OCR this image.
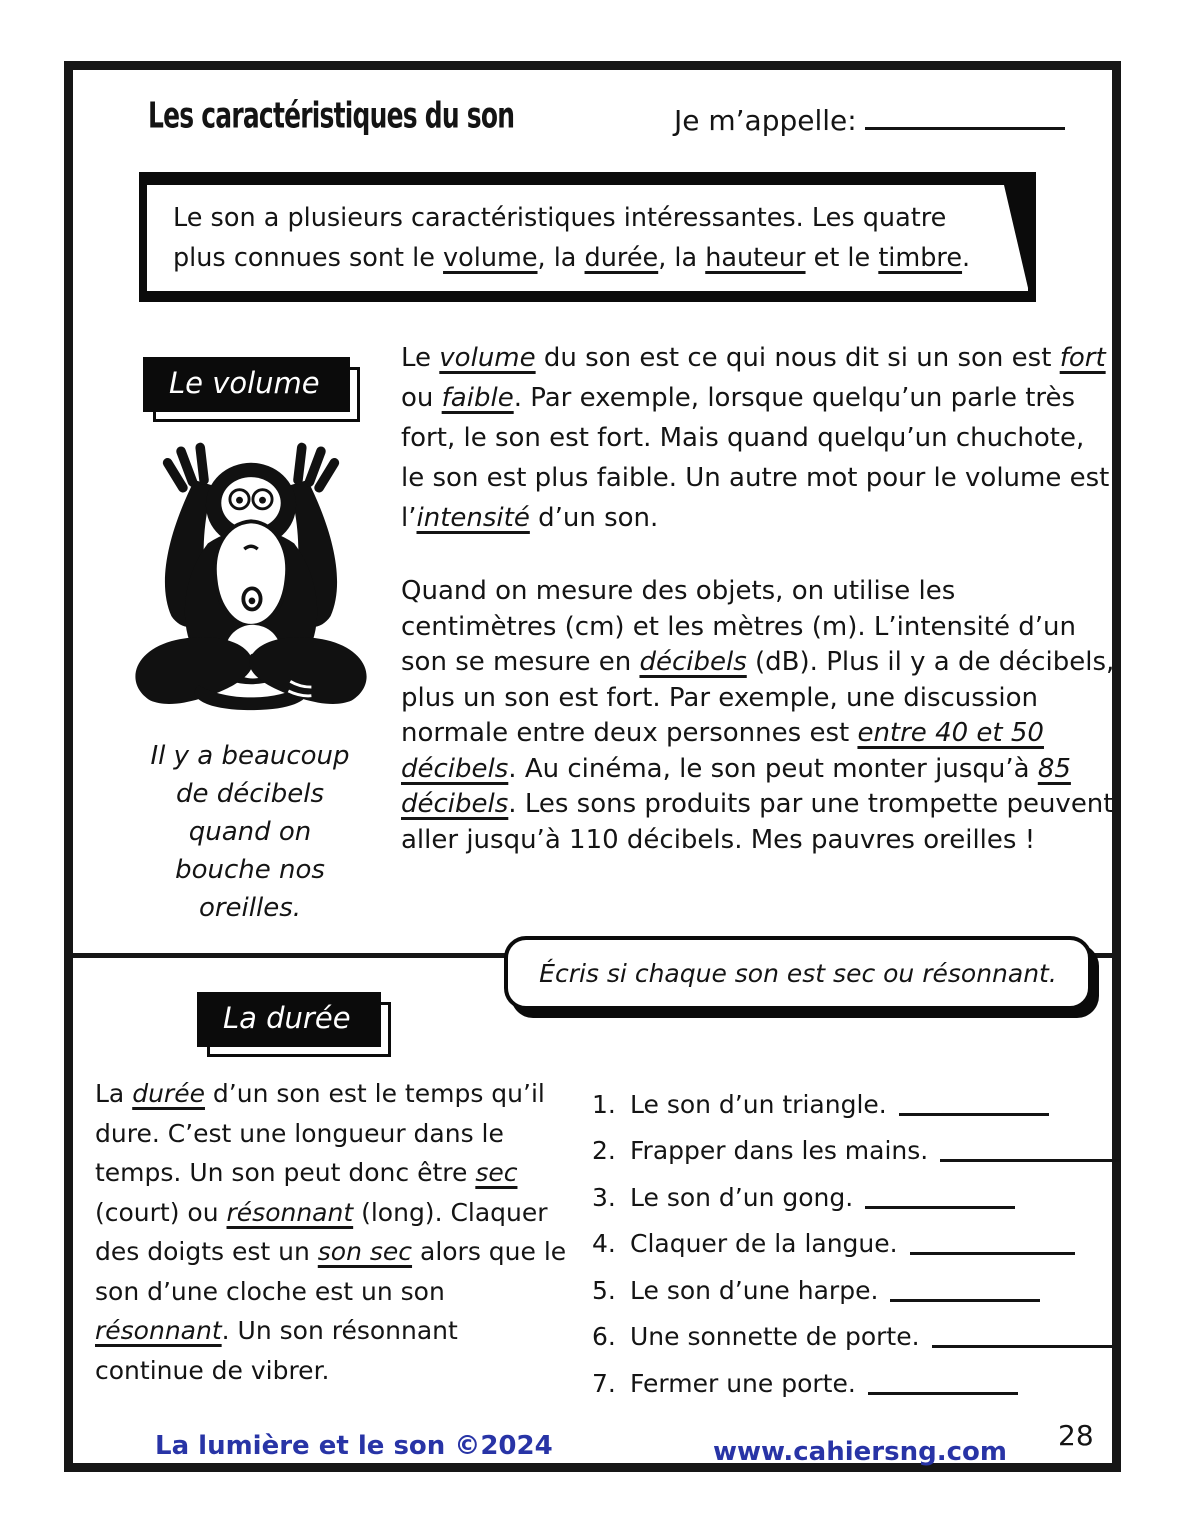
Les caractéristiques du son	Je m’appelle:
Le son a plusieurs caractéristiques intéressantes. Les quatre
plus connues sont le volume, la durée, la hauteur et le timbre.
Le volume
Il y a beaucoup
de décibels
quand on
bouche nos
oreilles.
Le volume du son est ce qui nous dit si un son est fort ou faible. Par exemple, lorsque quelqu’un parle très fort, le son est fort. Mais quand quelqu’un chuchote, le son est plus faible. Un autre mot pour le volume est l’intensité d’un son.
Quand on mesure des objets, on utilise les centimètres (cm) et les mètres (m). L’intensité d’un son se mesure en décibels (dB). Plus il y a de décibels, plus un son est fort. Par exemple, une discussion normale entre deux personnes est entre 40 et 50 décibels. Au cinéma, le son peut monter jusqu’à 85 décibels. Les sons produits par une trompette peuvent aller jusqu’à 110 décibels. Mes pauvres oreilles !
Écris si chaque son est sec ou résonnant.
La durée
La durée d’un son est le temps qu’il dure. C’est une longueur dans le temps. Un son peut donc être sec (court) ou résonnant (long). Claquer des doigts est un son sec alors que le son d’une cloche est un son résonnant. Un son résonnant continue de vibrer.
1. Le son d’un triangle.
2. Frapper dans les mains.
3. Le son d’un gong.
4. Claquer de la langue.
5. Le son d’une harpe.
6. Une sonnette de porte.
7. Fermer une porte.
La lumière et le son ©2024	www.cahiersng.com 28
